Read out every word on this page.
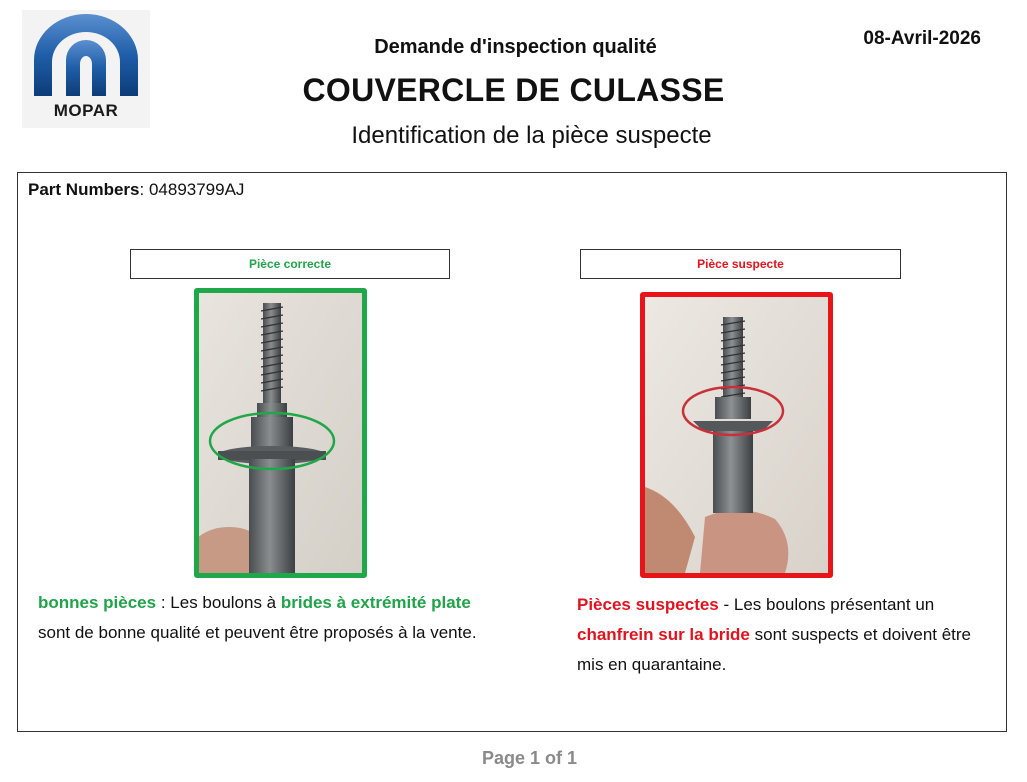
MOPAR
08-Avril-2026
Demande d'inspection qualité
COUVERCLE DE CULASSE
Identification de la pièce suspecte
Part Numbers: 04893799AJ
Pièce correcte	Pièce suspecte
bonnes pièces : Les boulons à brides à extrémité plate sont de bonne qualité et peuvent être proposés à la vente.
Pièces suspectes - Les boulons présentant un chanfrein sur la bride sont suspects et doivent être mis en quarantaine.
Page 1 of 1
